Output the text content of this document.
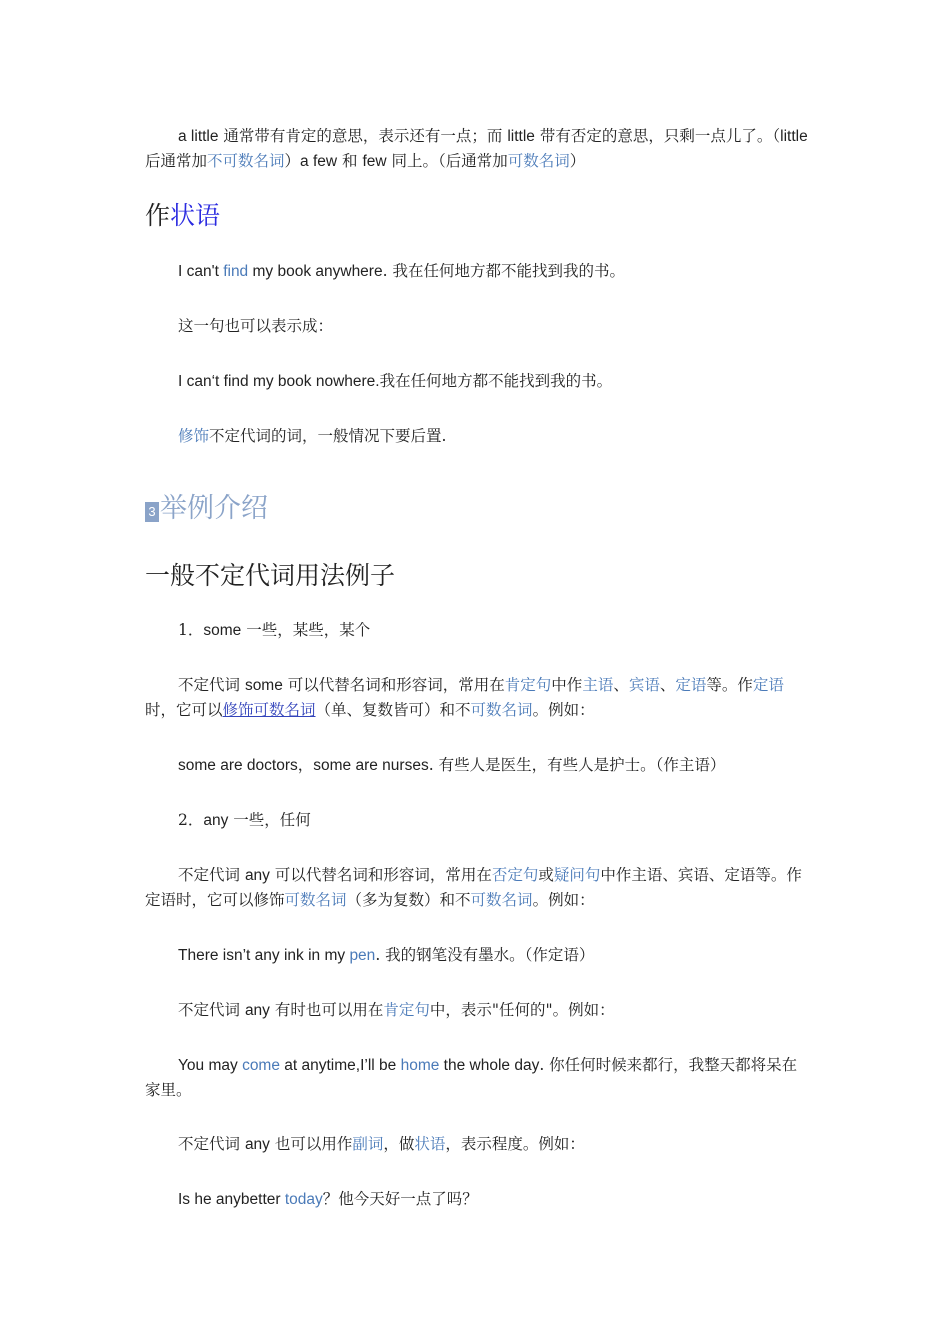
a little 通常带有肯定的意思，表示还有一点；而 little 带有否定的意思，只剩一点儿了。（little 后通常加不可数名词）a few 和 few 同上。（后通常加可数名词）

作状语

I can't find my book anywhere. 我在任何地方都不能找到我的书。

这一句也可以表示成：

I can‘t find my book nowhere.我在任何地方都不能找到我的书。

修饰不定代词的词，一般情况下要后置.

3 举例介绍
一般不定代词用法例子

1．some 一些，某些，某个

不定代词 some 可以代替名词和形容词，常用在肯定句中作主语、宾语、定语等。作定语时，它可以修饰可数名词（单、复数皆可）和不可数名词。例如：

some are doctors，some are nurses. 有些人是医生，有些人是护士。（作主语）

2．any 一些，任何

不定代词 any 可以代替名词和形容词，常用在否定句或疑问句中作主语、宾语、定语等。作定语时，它可以修饰可数名词（多为复数）和不可数名词。例如：

There isn’t any ink in my pen. 我的钢笔没有墨水。（作定语）

不定代词 any 有时也可以用在肯定句中，表示"任何的"。例如：

You may come at anytime,I’ll be home the whole day. 你任何时候来都行，我整天都将呆在家里。

不定代词 any 也可以用作副词，做状语，表示程度。例如：

Is he anybetter today？他今天好一点了吗？
